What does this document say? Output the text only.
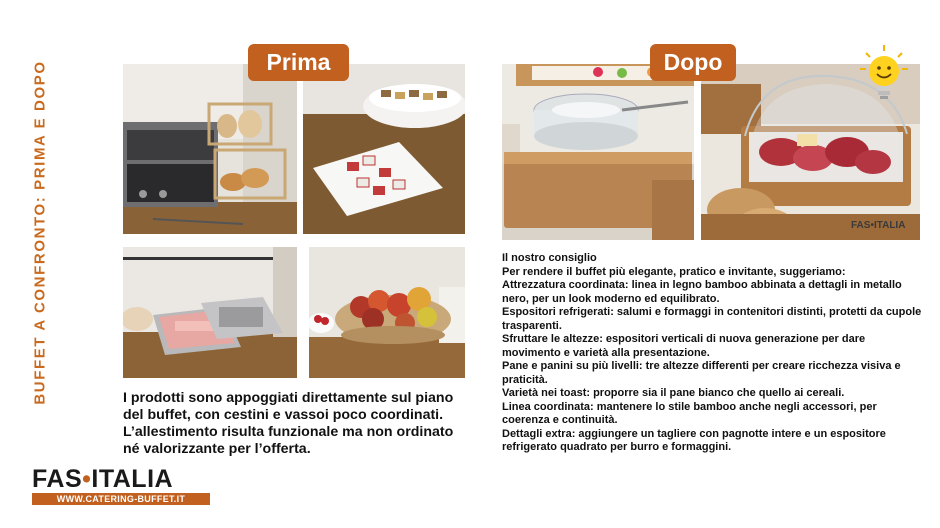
BUFFET A CONFRONTO: PRIMA E DOPO	Prima	Dopo
FAS•ITALIA
I prodotti sono appoggiati direttamente sul piano del buffet, con cestini e vassoi poco coordinati. L’allestimento risulta funzionale ma non ordinato né valorizzante per l’offerta.
Il nostro consiglio
Per rendere il buffet più elegante, pratico e invitante, suggeriamo:
Attrezzatura coordinata: linea in legno bamboo abbinata a dettagli in metallo nero, per un look moderno ed equilibrato.
Espositori refrigerati: salumi e formaggi in contenitori distinti, protetti da cupole trasparenti.
Sfruttare le altezze: espositori verticali di nuova generazione per dare movimento e varietà alla presentazione.
Pane e panini su più livelli: tre altezze differenti per creare ricchezza visiva e praticità.
Varietà nei toast: proporre sia il pane bianco che quello ai cereali.
Linea coordinata: mantenere lo stile bamboo anche negli accessori, per coerenza e continuità.
Dettagli extra: aggiungere un tagliere con pagnotte intere e un espositore refrigerato quadrato per burro e formaggini.
FAS•ITALIA
WWW.CATERING-BUFFET.IT
